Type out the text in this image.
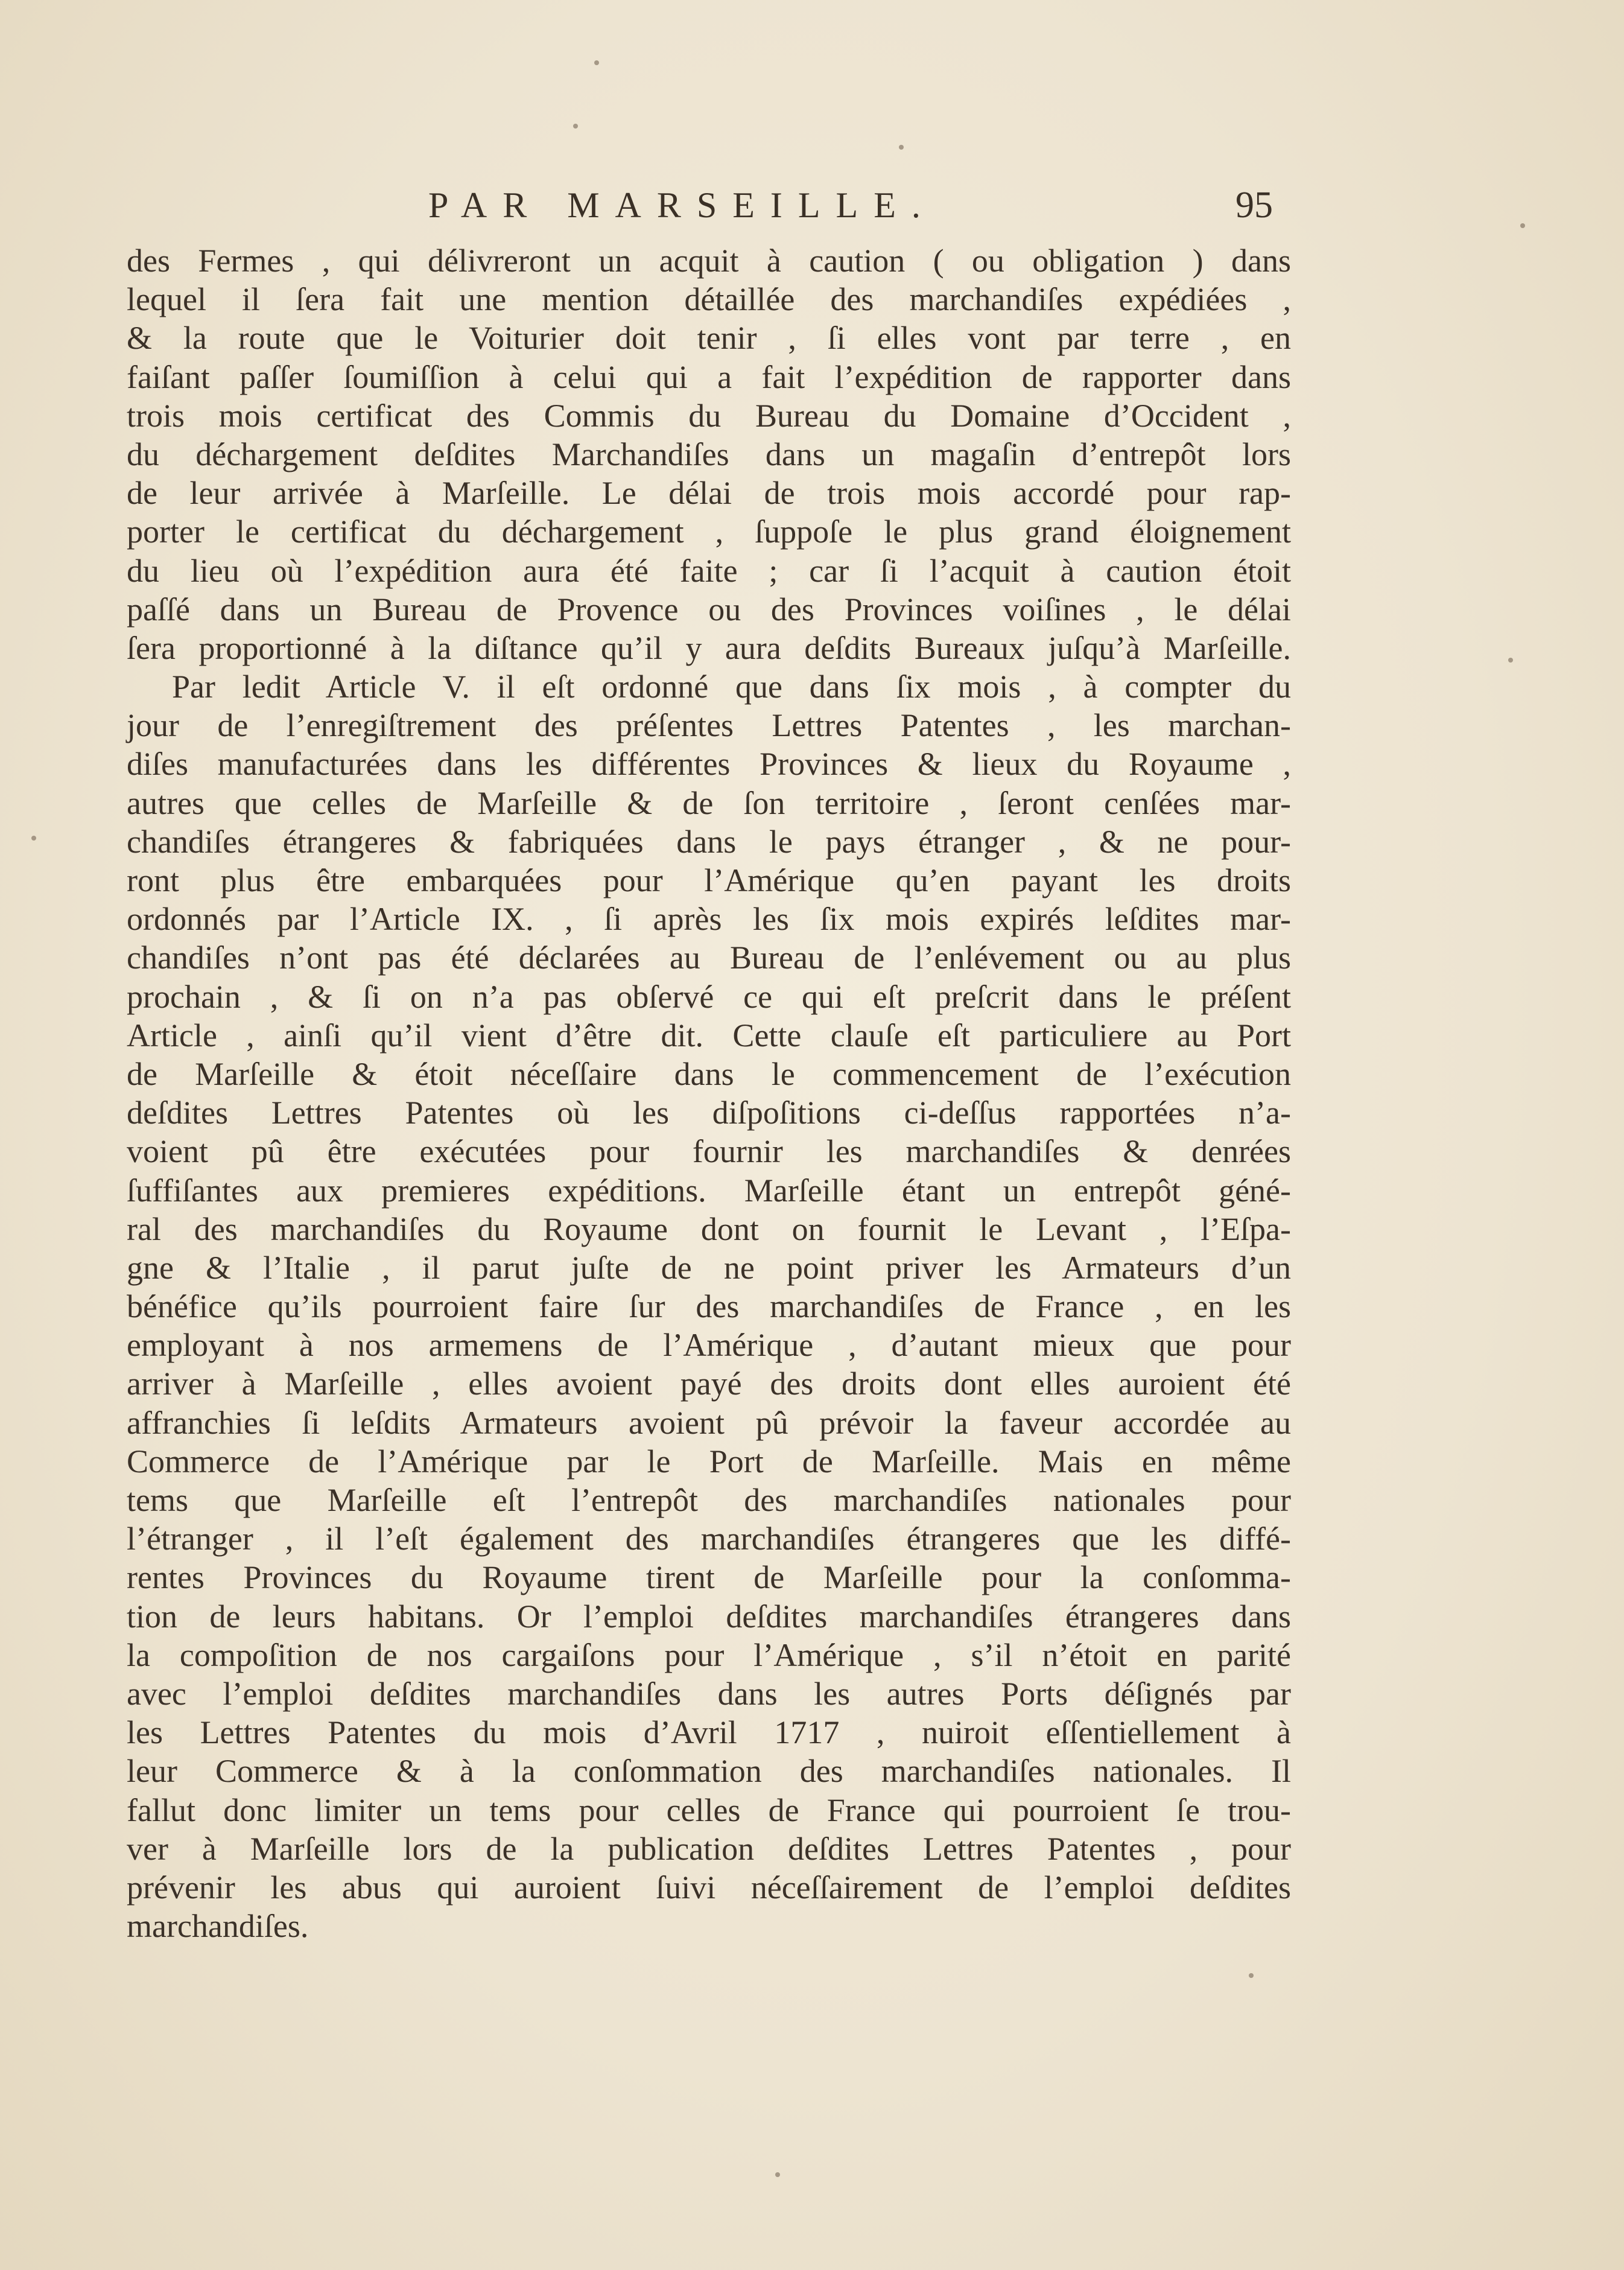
PAR MARSEILLE.	95
des Fermes , qui délivreront un acquit à caution ( ou obligation ) dans
lequel il ſera fait une mention détaillée des marchandiſes expédiées ,
& la route que le Voiturier doit tenir , ſi elles vont par terre , en
faiſant paſſer ſoumiſſion à celui qui a fait l’expédition de rapporter dans
trois mois certificat des Commis du Bureau du Domaine d’Occident ,
du déchargement deſdites Marchandiſes dans un magaſin d’entrepôt lors
de leur arrivée à Marſeille. Le délai de trois mois accordé pour rap-
porter le certificat du déchargement , ſuppoſe le plus grand éloignement
du lieu où l’expédition aura été faite ; car ſi l’acquit à caution étoit
paſſé dans un Bureau de Provence ou des Provinces voiſines , le délai
ſera proportionné à la diſtance qu’il y aura deſdits Bureaux juſqu’à Marſeille.
Par ledit Article V. il eſt ordonné que dans ſix mois , à compter du
jour de l’enregiſtrement des préſentes Lettres Patentes , les marchan-
diſes manufacturées dans les différentes Provinces & lieux du Royaume ,
autres que celles de Marſeille & de ſon territoire , ſeront cenſées mar-
chandiſes étrangeres & fabriquées dans le pays étranger , & ne pour-
ront plus être embarquées pour l’Amérique qu’en payant les droits
ordonnés par l’Article IX. , ſi après les ſix mois expirés leſdites mar-
chandiſes n’ont pas été déclarées au Bureau de l’enlévement ou au plus
prochain , & ſi on n’a pas obſervé ce qui eſt preſcrit dans le préſent
Article , ainſi qu’il vient d’être dit. Cette clauſe eſt particuliere au Port
de Marſeille & étoit néceſſaire dans le commencement de l’exécution
deſdites Lettres Patentes où les diſpoſitions ci-deſſus rapportées n’a-
voient pû être exécutées pour fournir les marchandiſes & denrées
ſuffiſantes aux premieres expéditions. Marſeille étant un entrepôt géné-
ral des marchandiſes du Royaume dont on fournit le Levant , l’Eſpa-
gne & l’Italie , il parut juſte de ne point priver les Armateurs d’un
bénéfice qu’ils pourroient faire ſur des marchandiſes de France , en les
employant à nos armemens de l’Amérique , d’autant mieux que pour
arriver à Marſeille , elles avoient payé des droits dont elles auroient été
affranchies ſi leſdits Armateurs avoient pû prévoir la faveur accordée au
Commerce de l’Amérique par le Port de Marſeille. Mais en même
tems que Marſeille eſt l’entrepôt des marchandiſes nationales pour
l’étranger , il l’eſt également des marchandiſes étrangeres que les diffé-
rentes Provinces du Royaume tirent de Marſeille pour la conſomma-
tion de leurs habitans. Or l’emploi deſdites marchandiſes étrangeres dans
la compoſition de nos cargaiſons pour l’Amérique , s’il n’étoit en parité
avec l’emploi deſdites marchandiſes dans les autres Ports déſignés par
les Lettres Patentes du mois d’Avril 1717 , nuiroit eſſentiellement à
leur Commerce & à la conſommation des marchandiſes nationales. Il
fallut donc limiter un tems pour celles de France qui pourroient ſe trou-
ver à Marſeille lors de la publication deſdites Lettres Patentes , pour
prévenir les abus qui auroient ſuivi néceſſairement de l’emploi deſdites
marchandiſes.
